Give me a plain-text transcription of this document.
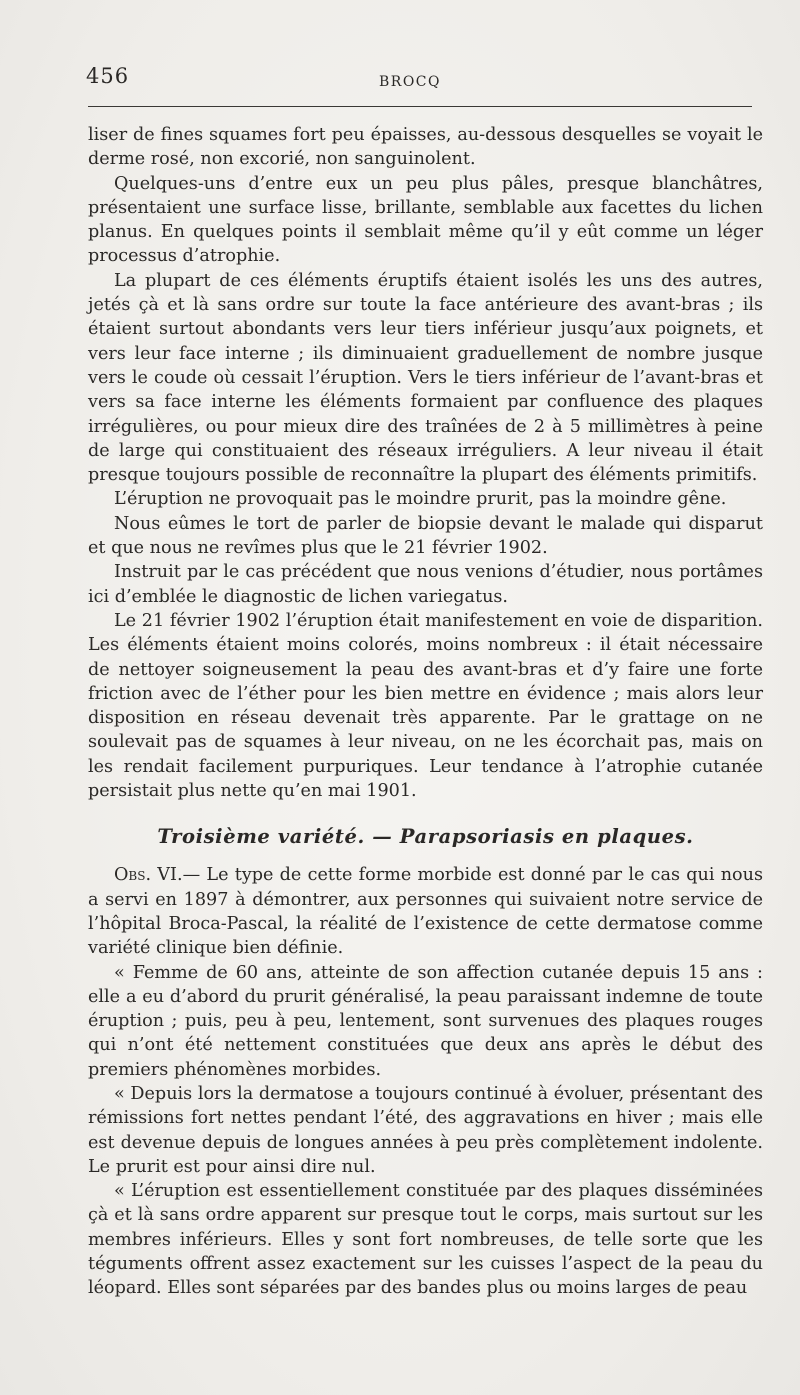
456	BROCQ

liser de fines squames fort peu épaisses, au-dessous desquelles se voyait le derme rosé, non excorié, non sanguinolent.

Quelques-uns d’entre eux un peu plus pâles, presque blanchâtres, présentaient une surface lisse, brillante, semblable aux facettes du lichen planus. En quelques points il semblait même qu’il y eût comme un léger processus d’atrophie.

La plupart de ces éléments éruptifs étaient isolés les uns des autres, jetés çà et là sans ordre sur toute la face antérieure des avant-bras ; ils étaient surtout abondants vers leur tiers inférieur jusqu’aux poignets, et vers leur face interne ; ils diminuaient graduellement de nombre jusque vers le coude où cessait l’éruption. Vers le tiers inférieur de l’avant-bras et vers sa face interne les éléments formaient par confluence des plaques irrégulières, ou pour mieux dire des traînées de 2 à 5 millimètres à peine de large qui constituaient des réseaux irréguliers. A leur niveau il était presque toujours possible de reconnaître la plupart des éléments primitifs.

L’éruption ne provoquait pas le moindre prurit, pas la moindre gêne.

Nous eûmes le tort de parler de biopsie devant le malade qui disparut et que nous ne revîmes plus que le 21 février 1902.

Instruit par le cas précédent que nous venions d’étudier, nous portâmes ici d’emblée le diagnostic de lichen variegatus.

Le 21 février 1902 l’éruption était manifestement en voie de disparition. Les éléments étaient moins colorés, moins nombreux : il était nécessaire de nettoyer soigneusement la peau des avant-bras et d’y faire une forte friction avec de l’éther pour les bien mettre en évidence ; mais alors leur disposition en réseau devenait très apparente. Par le grattage on ne soulevait pas de squames à leur niveau, on ne les écorchait pas, mais on les rendait facilement purpuriques. Leur tendance à l’atrophie cutanée persistait plus nette qu’en mai 1901.

Troisième variété. — Parapsoriasis en plaques.

Obs. VI.— Le type de cette forme morbide est donné par le cas qui nous a servi en 1897 à démontrer, aux personnes qui suivaient notre service de l’hôpital Broca-Pascal, la réalité de l’existence de cette dermatose comme variété clinique bien définie.

« Femme de 60 ans, atteinte de son affection cutanée depuis 15 ans : elle a eu d’abord du prurit généralisé, la peau paraissant indemne de toute éruption ; puis, peu à peu, lentement, sont survenues des plaques rouges qui n’ont été nettement constituées que deux ans après le début des premiers phénomènes morbides.

« Depuis lors la dermatose a toujours continué à évoluer, présentant des rémissions fort nettes pendant l’été, des aggravations en hiver ; mais elle est devenue depuis de longues années à peu près complètement indolente. Le prurit est pour ainsi dire nul.

« L’éruption est essentiellement constituée par des plaques disséminées çà et là sans ordre apparent sur presque tout le corps, mais surtout sur les membres inférieurs. Elles y sont fort nombreuses, de telle sorte que les téguments offrent assez exactement sur les cuisses l’aspect de la peau du léopard. Elles sont séparées par des bandes plus ou moins larges de peau
